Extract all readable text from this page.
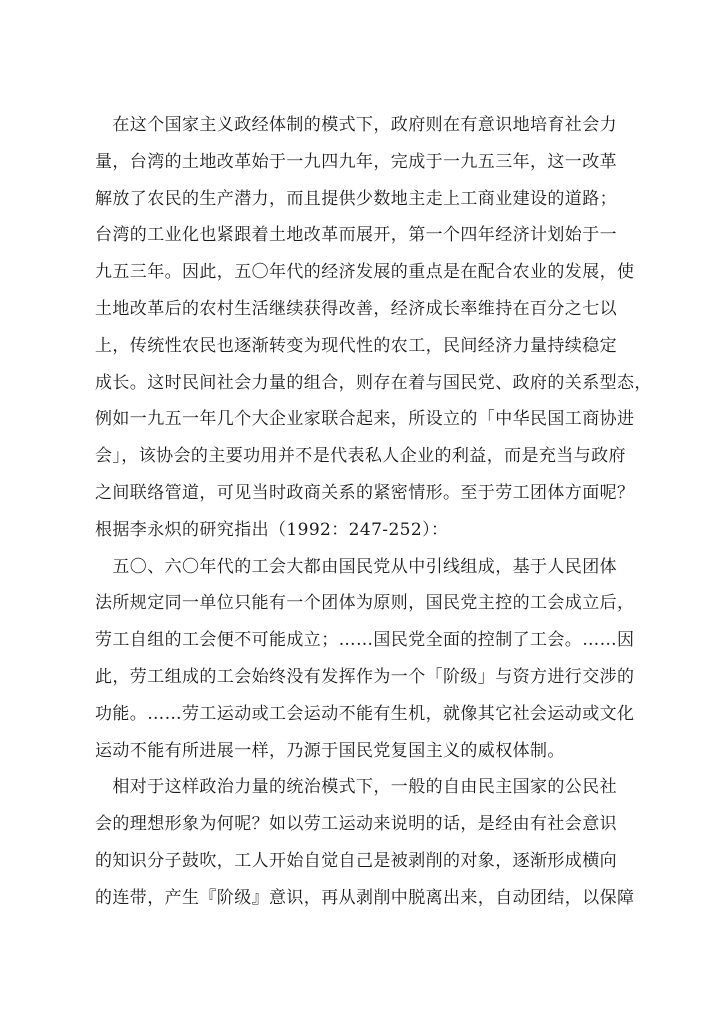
　在这个国家主义政经体制的模式下，政府则在有意识地培育社会力
量，台湾的土地改革始于一九四九年，完成于一九五三年，这一改革
解放了农民的生产潜力，而且提供少数地主走上工商业建设的道路；
台湾的工业化也紧跟着土地改革而展开，第一个四年经济计划始于一
九五三年。因此，五〇年代的经济发展的重点是在配合农业的发展，使
土地改革后的农村生活继续获得改善，经济成长率维持在百分之七以
上，传统性农民也逐渐转变为现代性的农工，民间经济力量持续稳定
成长。这时民间社会力量的组合，则存在着与国民党、政府的关系型态，
例如一九五一年几个大企业家联合起来，所设立的「中华民国工商协进
会」，该协会的主要功用并不是代表私人企业的利益，而是充当与政府
之间联络管道，可见当时政商关系的紧密情形。至于劳工团体方面呢？
根据李永炽的研究指出（1992：247-252）：
　五〇、六〇年代的工会大都由国民党从中引线组成，基于人民团体
法所规定同一单位只能有一个团体为原则，国民党主控的工会成立后，
劳工自组的工会便不可能成立；……国民党全面的控制了工会。……因
此，劳工组成的工会始终没有发挥作为一个「阶级」与资方进行交涉的
功能。……劳工运动或工会运动不能有生机，就像其它社会运动或文化
运动不能有所进展一样，乃源于国民党复国主义的威权体制。
　相对于这样政治力量的统治模式下，一般的自由民主国家的公民社
会的理想形象为何呢？如以劳工运动来说明的话，是经由有社会意识
的知识分子鼓吹，工人开始自觉自己是被剥削的对象，逐渐形成横向
的连带，产生『阶级』意识，再从剥削中脱离出来，自动团结，以保障
